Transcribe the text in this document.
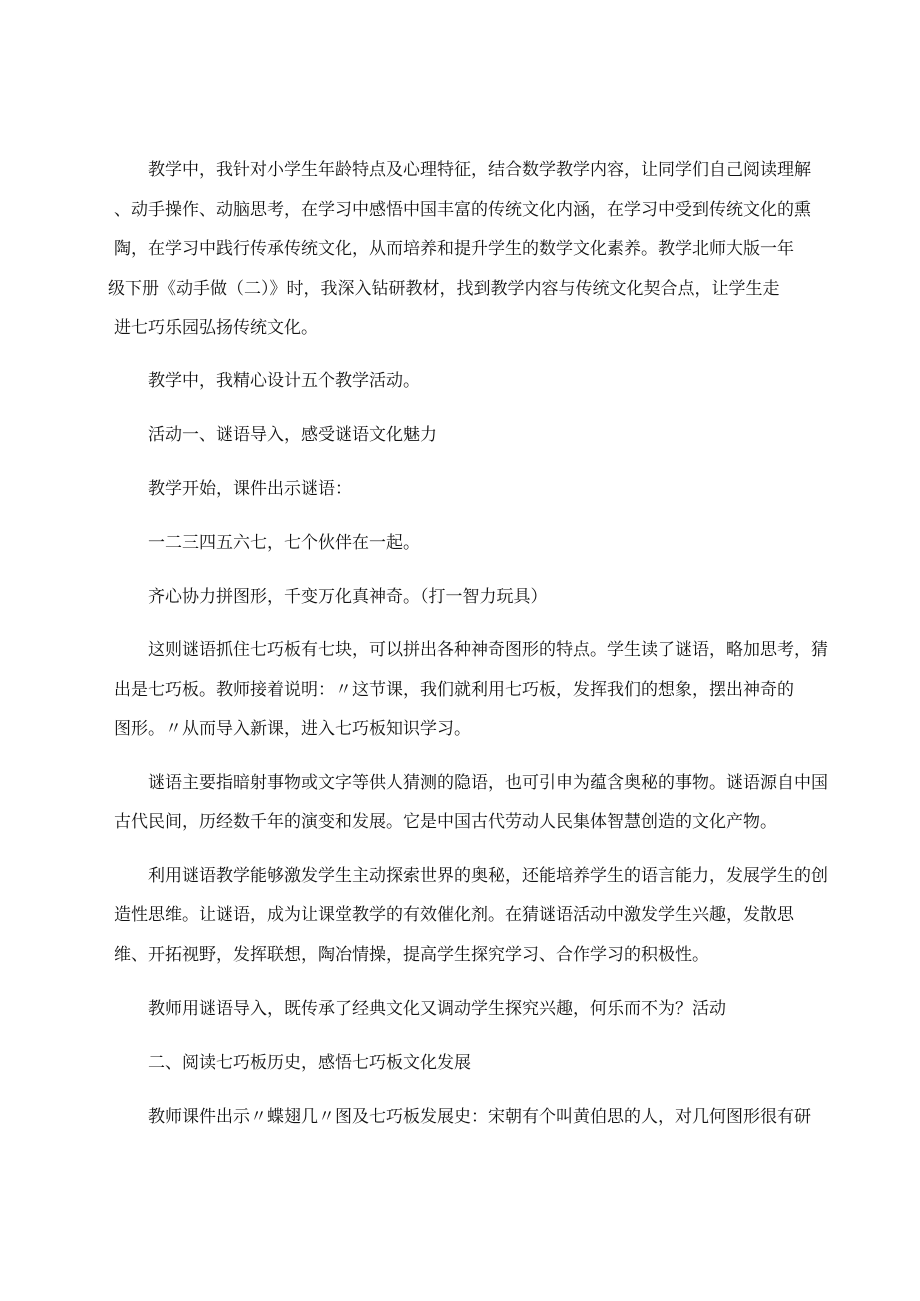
教学中，我针对小学生年龄特点及心理特征，结合数学教学内容，让同学们自己阅读理解

、动手操作、动脑思考，在学习中感悟中国丰富的传统文化内涵，在学习中受到传统文化的熏

陶，在学习中践行传承传统文化，从而培养和提升学生的数学文化素养。教学北师大版一年

级下册《动手做（二）》时，我深入钻研教材，找到教学内容与传统文化契合点，让学生走

进七巧乐园弘扬传统文化。

教学中，我精心设计五个教学活动。

活动一、谜语导入，感受谜语文化魅力

教学开始，课件出示谜语：

一二三四五六七，七个伙伴在一起。

齐心协力拼图形，千变万化真神奇。（打一智力玩具）

这则谜语抓住七巧板有七块，可以拼出各种神奇图形的特点。学生读了谜语，略加思考，猜

出是七巧板。教师接着说明：〃这节课，我们就利用七巧板，发挥我们的想象，摆出神奇的

图形。〃从而导入新课，进入七巧板知识学习。

谜语主要指暗射事物或文字等供人猜测的隐语，也可引申为蕴含奥秘的事物。谜语源自中国

古代民间，历经数千年的演变和发展。它是中国古代劳动人民集体智慧创造的文化产物。

利用谜语教学能够激发学生主动探索世界的奥秘，还能培养学生的语言能力，发展学生的创

造性思维。让谜语，成为让课堂教学的有效催化剂。在猜谜语活动中激发学生兴趣，发散思

维、开拓视野，发挥联想，陶冶情操，提高学生探究学习、合作学习的积极性。

教师用谜语导入，既传承了经典文化又调动学生探究兴趣，何乐而不为？活动

二、阅读七巧板历史，感悟七巧板文化发展

教师课件出示〃蝶翅几〃图及七巧板发展史：宋朝有个叫黄伯思的人，对几何图形很有研
